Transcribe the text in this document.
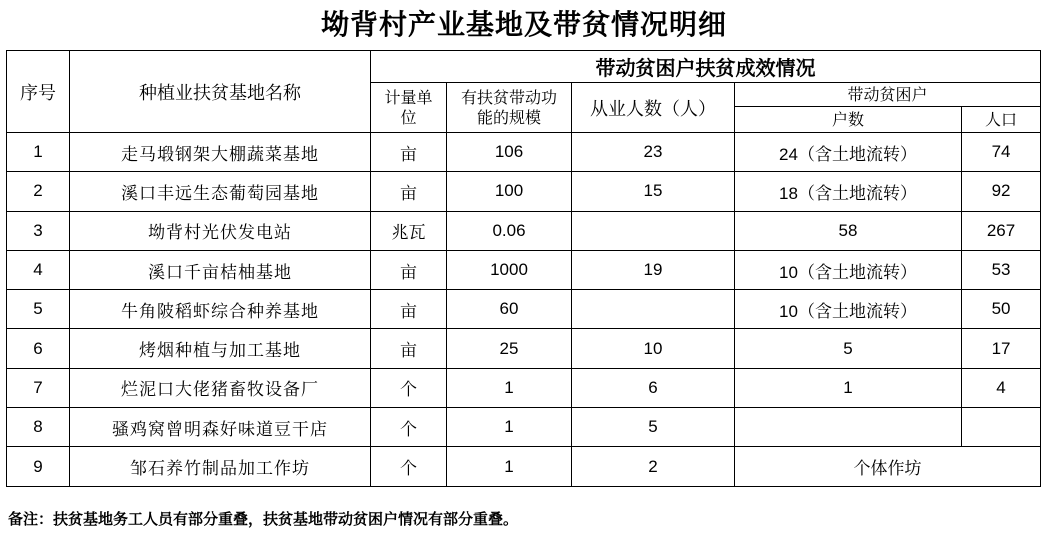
坳背村产业基地及带贫情况明细
序号	种植业扶贫基地名称	带动贫困户扶贫成效情况				

		计量单位	有扶贫带动功能的规模	从业人数（人）	带动贫困户	
					户数	人口
1	走马塅钢架大棚蔬菜基地	亩	106	23	24（含土地流转）	74
2	溪口丰远生态葡萄园基地	亩	100	15	18（含土地流转）	92
3	坳背村光伏发电站	兆瓦	0.06		58	267
4	溪口千亩桔柚基地	亩	1000	19	10（含土地流转）	53
5	牛角陂稻虾综合种养基地	亩	60		10（含土地流转）	50
6	烤烟种植与加工基地	亩	25	10	5	17
7	烂泥口大佬猪畜牧设备厂	个	1	6	1	4
8	骚鸡窝曾明森好味道豆干店	个	1	5		
9	邹石养竹制品加工作坊	个	1	2	个体作坊	
备注：扶贫基地务工人员有部分重叠，扶贫基地带动贫困户情况有部分重叠。
